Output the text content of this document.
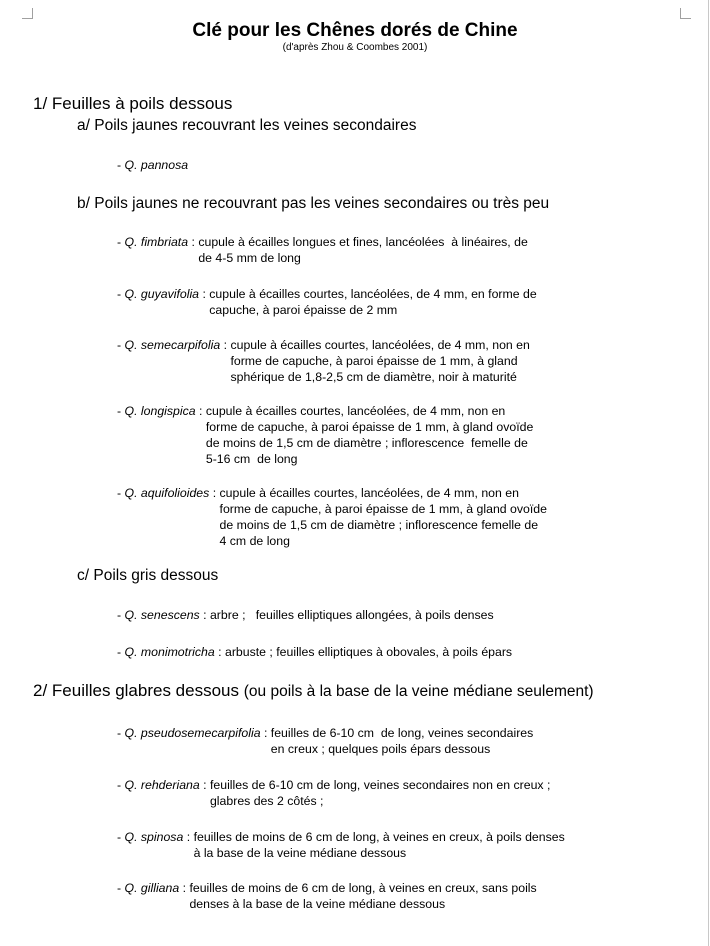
Clé pour les Chênes dorés de Chine
(d'après Zhou & Coombes 2001)
1/ Feuilles à poils dessous
a/ Poils jaunes recouvrant les veines secondaires
- Q. pannosa
b/ Poils jaunes ne recouvrant pas les veines secondaires ou très peu
- Q. fimbriata : cupule à écailles longues et fines, lancéolées  à linéaires, de
de 4-5 mm de long
- Q. guyavifolia : cupule à écailles courtes, lancéolées, de 4 mm, en forme de
capuche, à paroi épaisse de 2 mm
- Q. semecarpifolia : cupule à écailles courtes, lancéolées, de 4 mm, non en
forme de capuche, à paroi épaisse de 1 mm, à gland
sphérique de 1,8-2,5 cm de diamètre, noir à maturité
- Q. longispica : cupule à écailles courtes, lancéolées, de 4 mm, non en
forme de capuche, à paroi épaisse de 1 mm, à gland ovoïde
de moins de 1,5 cm de diamètre ; inflorescence  femelle de
5-16 cm  de long
- Q. aquifolioides : cupule à écailles courtes, lancéolées, de 4 mm, non en
forme de capuche, à paroi épaisse de 1 mm, à gland ovoïde
de moins de 1,5 cm de diamètre ; inflorescence femelle de
4 cm de long
c/ Poils gris dessous
- Q. senescens : arbre ;   feuilles elliptiques allongées, à poils denses
- Q. monimotricha : arbuste ; feuilles elliptiques à obovales, à poils épars
2/ Feuilles glabres dessous (ou poils à la base de la veine médiane seulement)
- Q. pseudosemecarpifolia : feuilles de 6-10 cm  de long, veines secondaires
en creux ; quelques poils épars dessous
- Q. rehderiana : feuilles de 6-10 cm de long, veines secondaires non en creux ;
glabres des 2 côtés ;
- Q. spinosa : feuilles de moins de 6 cm de long, à veines en creux, à poils denses
à la base de la veine médiane dessous
- Q. gilliana : feuilles de moins de 6 cm de long, à veines en creux, sans poils
denses à la base de la veine médiane dessous
